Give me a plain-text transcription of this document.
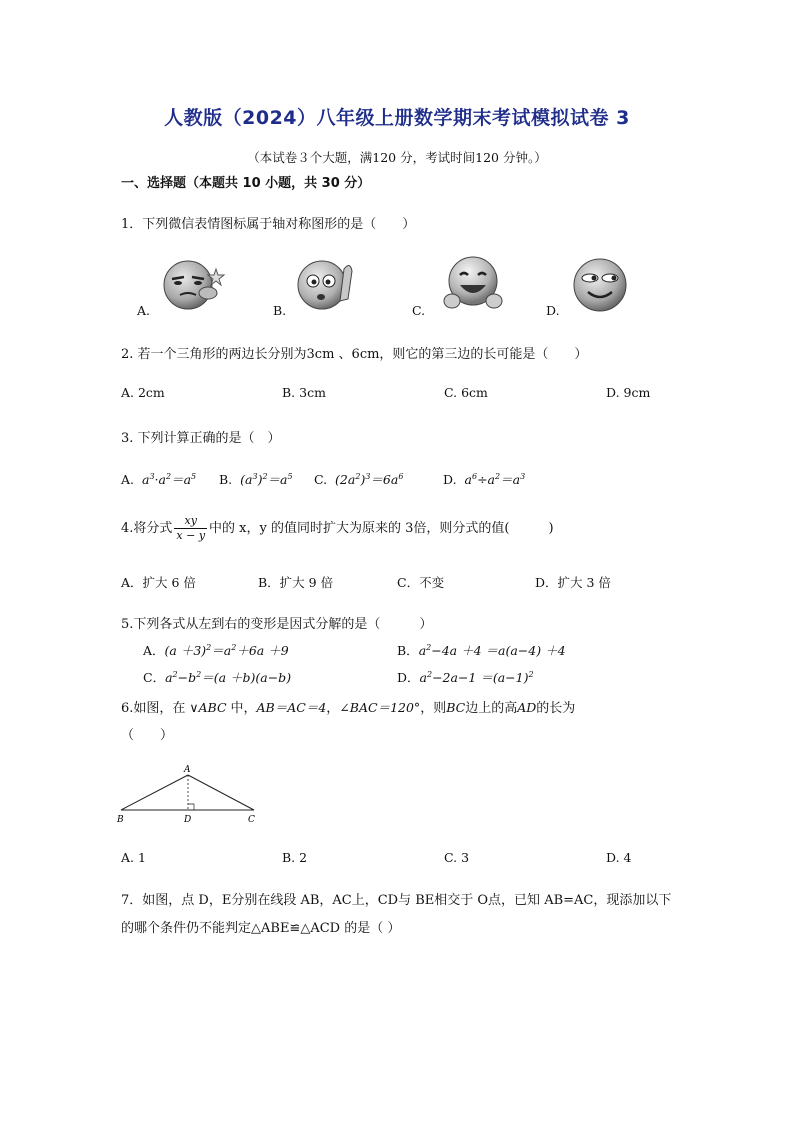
人教版（2024）八年级上册数学期末考试模拟试卷 3
（本试卷３个大题，满120 分，考试时间120 分钟。）
一、选择题（本题共 10 小题，共 30 分）
1．下列微信表情图标属于轴对称图形的是（　　）
A.	B.	C.	D.
2. 若一个三角形的两边长分别为3cm 、6cm，则它的第三边的长可能是（　　）
A. 2cm	B. 3cm	C. 6cm	D. 9cm
3. 下列计算正确的是（　）
A.  $a^3\cdot a^2=a^5$ B.  $(a^3)^2=a^5$ C.  $(2a^2)^3=6a^6$	D.  $a^6\div a^2=a^3$
4.将分式 $\frac{xy}{x - y}$ 中的 x，y 的值同时扩大为原来的 3倍，则分式的值(　　　)
A．扩大 6 倍	B．扩大 9 倍	C．不变	D．扩大 3 倍
5.下列各式从左到右的变形是因式分解的是（　　　）
A．$(a +3)^2=a^2+6a +9$	B．$a^2-4a +4 =a(a-4) +4$
C．$a^2-b^2=(a +b)(a-b)$	D．$a^2-2a-1 =(a-1)^2$
6.如图，在 ∨ABC 中，AB＝AC＝4，∠BAC＝120°，则BC边上的高AD的长为
（　　）
A
B	D	C
A. 1	B. 2	C. 3	D. 4
7．如图，点 D，E分别在线段 AB，AC上，CD与 BE相交于 O点，已知 AB=AC，现添加以下
的哪个条件仍不能判定△ABE≌△ACD 的是（ ）
